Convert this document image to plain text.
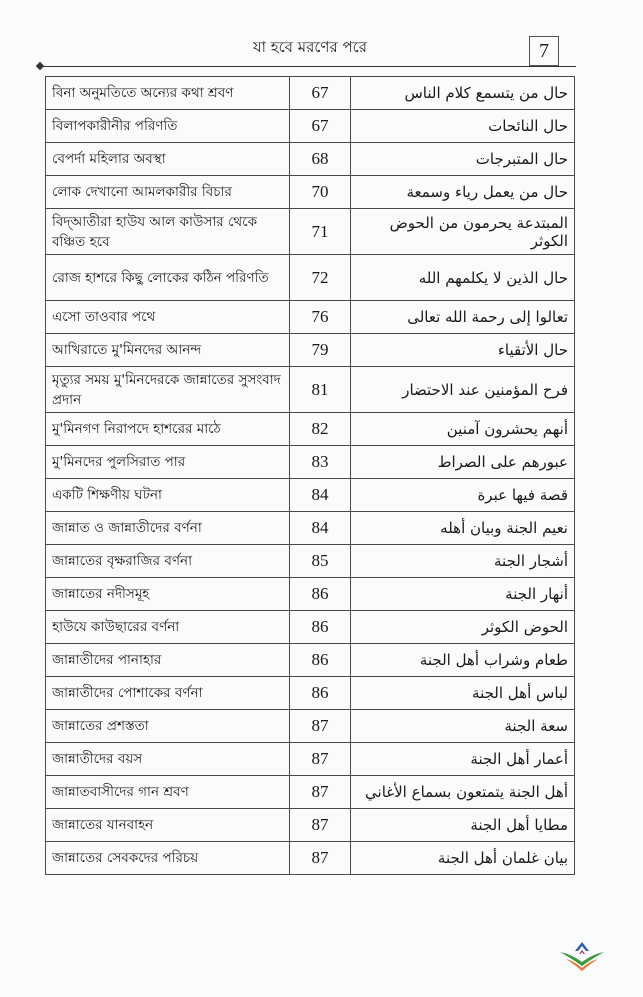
যা হবে মরণের পরে	7
বিনা অনুমতিতে অন্যের কথা শ্রবণ	67	حال من يتسمع كلام الناس
বিলাপকারীনীর পরিণতি	67	حال النائحات
বেপর্দা মহিলার অবস্থা	68	حال المتبرجات
লোক দেখানো আমলকারীর বিচার	70	حال من يعمل رياء وسمعة
বিদ্আতীরা হাউয আল কাউসার থেকে বঞ্চিত হবে	71	المبتدعة يحرمون من الحوض الكوثر
রোজ হাশরে কিছু লোকের কঠিন পরিণতি	72	حال الذين لا يكلمهم الله
এসো তাওবার পথে	76	تعالوا إلى رحمة الله تعالى
আখিরাতে মু'মিনদের আনন্দ	79	حال الأتقياء
মৃত্যুর সময় মু'মিনদেরকে জান্নাতের সুসংবাদ প্রদান	81	فرح المؤمنين عند الاحتضار
মু'মিনগণ নিরাপদে হাশরের মাঠে	82	أنهم يحشرون آمنين
মু'মিনদের পুলসিরাত পার	83	عبورهم على الصراط
একটি শিক্ষণীয় ঘটনা	84	قصة فيها عبرة
জান্নাত ও জান্নাতীদের বর্ণনা	84	نعيم الجنة وبيان أهله
জান্নাতের বৃক্ষরাজির বর্ণনা	85	أشجار الجنة
জান্নাতের নদীসমূহ	86	أنهار الجنة
হাউযে কাউছারের বর্ণনা	86	الحوض الكوثر
জান্নাতীদের পানাহার	86	طعام وشراب أهل الجنة
জান্নাতীদের পোশাকের বর্ণনা	86	لباس أهل الجنة
জান্নাতের প্রশস্ততা	87	سعة الجنة
জান্নাতীদের বয়স	87	أعمار أهل الجنة
জান্নাতবাসীদের গান শ্রবণ	87	أهل الجنة يتمتعون بسماع الأغاني
জান্নাতের যানবাহন	87	مطايا أهل الجنة
জান্নাতের সেবকদের পরিচয়	87	بيان غلمان أهل الجنة
